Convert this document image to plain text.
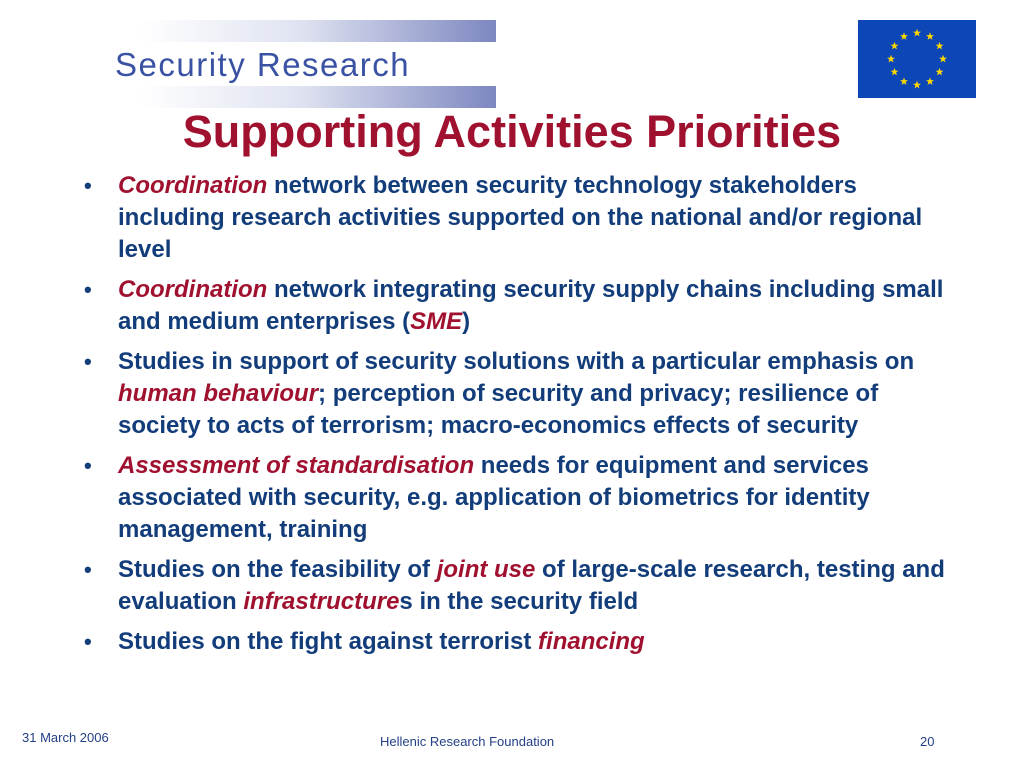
Security Research
Supporting Activities Priorities
• Coordination network between security technology stakeholders including research activities supported on the national and/or regional level
• Coordination network integrating security supply chains including small and medium enterprises (SME)
• Studies in support of security solutions with a particular emphasis on human behaviour; perception of security and privacy; resilience of society to acts of terrorism; macro-economics effects of security
• Assessment of standardisation needs for equipment and services associated with security, e.g. application of biometrics for identity management, training
• Studies on the feasibility of joint use of large-scale research, testing and evaluation infrastructures in the security field
• Studies on the fight against terrorist financing
31 March 2006	Hellenic Research Foundation	20
